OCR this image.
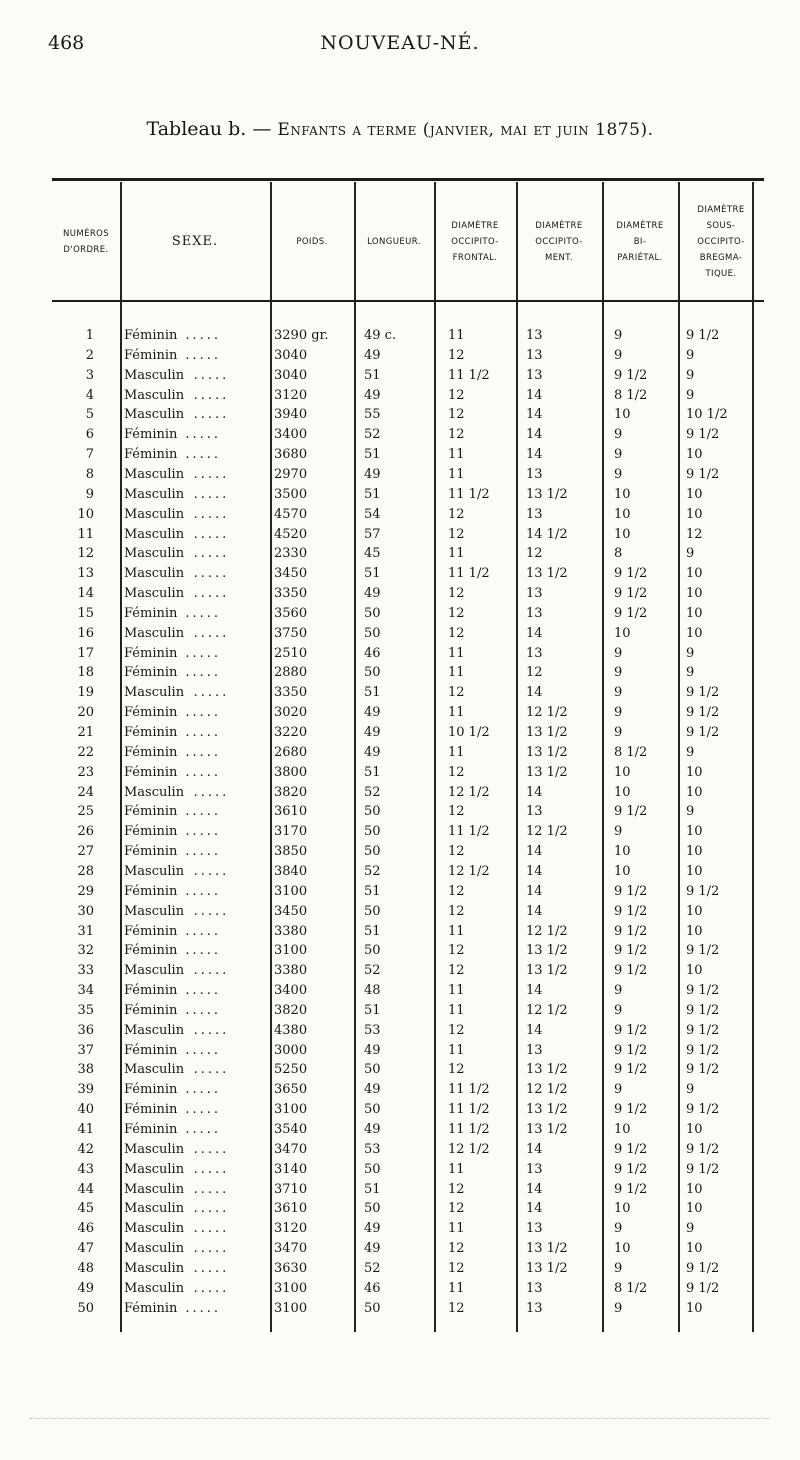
468	NOUVEAU-NÉ.
Tableau b. — Enfants a terme (janvier, mai et juin 1875).
NUMÉROS
D'ORDRE.
SEXE.	POIDS.	LONGUEUR.
DIAMÈTRE
OCCIPITO-
FRONTAL.
DIAMÈTRE
OCCIPITO-
MENT.
DIAMÈTRE
BI-
PARIÉTAL.
DIAMÈTRE
SOUS-
OCCIPITO-
BREGMA-
TIQUE.
1 Féminin .....	3290 gr.	49 c.	11	13	9	9 1/2
2 Féminin .....	3040	49	12	13	9	9
3 Masculin .....	3040	51	11 1/2	13	9 1/2	9
4 Masculin .....	3120	49	12	14	8 1/2	9
5 Masculin .....	3940	55	12	14	10	10 1/2
6 Féminin .....	3400	52	12	14	9	9 1/2
7 Féminin .....	3680	51	11	14	9	10
8 Masculin .....	2970	49	11	13	9	9 1/2
9 Masculin .....	3500	51	11 1/2	13 1/2	10	10
10 Masculin .....	4570	54	12	13	10	10
11 Masculin .....	4520	57	12	14 1/2	10	12
12 Masculin .....	2330	45	11	12	8	9
13 Masculin .....	3450	51	11 1/2	13 1/2	9 1/2	10
14 Masculin .....	3350	49	12	13	9 1/2	10
15 Féminin .....	3560	50	12	13	9 1/2	10
16 Masculin .....	3750	50	12	14	10	10
17 Féminin .....	2510	46	11	13	9	9
18 Féminin .....	2880	50	11	12	9	9
19 Masculin .....	3350	51	12	14	9	9 1/2
20 Féminin .....	3020	49	11	12 1/2	9	9 1/2
21 Féminin .....	3220	49	10 1/2	13 1/2	9	9 1/2
22 Féminin .....	2680	49	11	13 1/2	8 1/2	9
23 Féminin .....	3800	51	12	13 1/2	10	10
24 Masculin .....	3820	52	12 1/2	14	10	10
25 Féminin .....	3610	50	12	13	9 1/2	9
26 Féminin .....	3170	50	11 1/2	12 1/2	9	10
27 Féminin .....	3850	50	12	14	10	10
28 Masculin .....	3840	52	12 1/2	14	10	10
29 Féminin .....	3100	51	12	14	9 1/2	9 1/2
30 Masculin .....	3450	50	12	14	9 1/2	10
31 Féminin .....	3380	51	11	12 1/2	9 1/2	10
32 Féminin .....	3100	50	12	13 1/2	9 1/2	9 1/2
33 Masculin .....	3380	52	12	13 1/2	9 1/2	10
34 Féminin .....	3400	48	11	14	9	9 1/2
35 Féminin .....	3820	51	11	12 1/2	9	9 1/2
36 Masculin .....	4380	53	12	14	9 1/2	9 1/2
37 Féminin .....	3000	49	11	13	9 1/2	9 1/2
38 Masculin .....	5250	50	12	13 1/2	9 1/2	9 1/2
39 Féminin .....	3650	49	11 1/2	12 1/2	9	9
40 Féminin .....	3100	50	11 1/2	13 1/2	9 1/2	9 1/2
41 Féminin .....	3540	49	11 1/2	13 1/2	10	10
42 Masculin .....	3470	53	12 1/2	14	9 1/2	9 1/2
43 Masculin .....	3140	50	11	13	9 1/2	9 1/2
44 Masculin .....	3710	51	12	14	9 1/2	10
45 Masculin .....	3610	50	12	14	10	10
46 Masculin .....	3120	49	11	13	9	9
47 Masculin .....	3470	49	12	13 1/2	10	10
48 Masculin .....	3630	52	12	13 1/2	9	9 1/2
49 Masculin .....	3100	46	11	13	8 1/2	9 1/2
50 Féminin .....	3100	50	12	13	9	10
